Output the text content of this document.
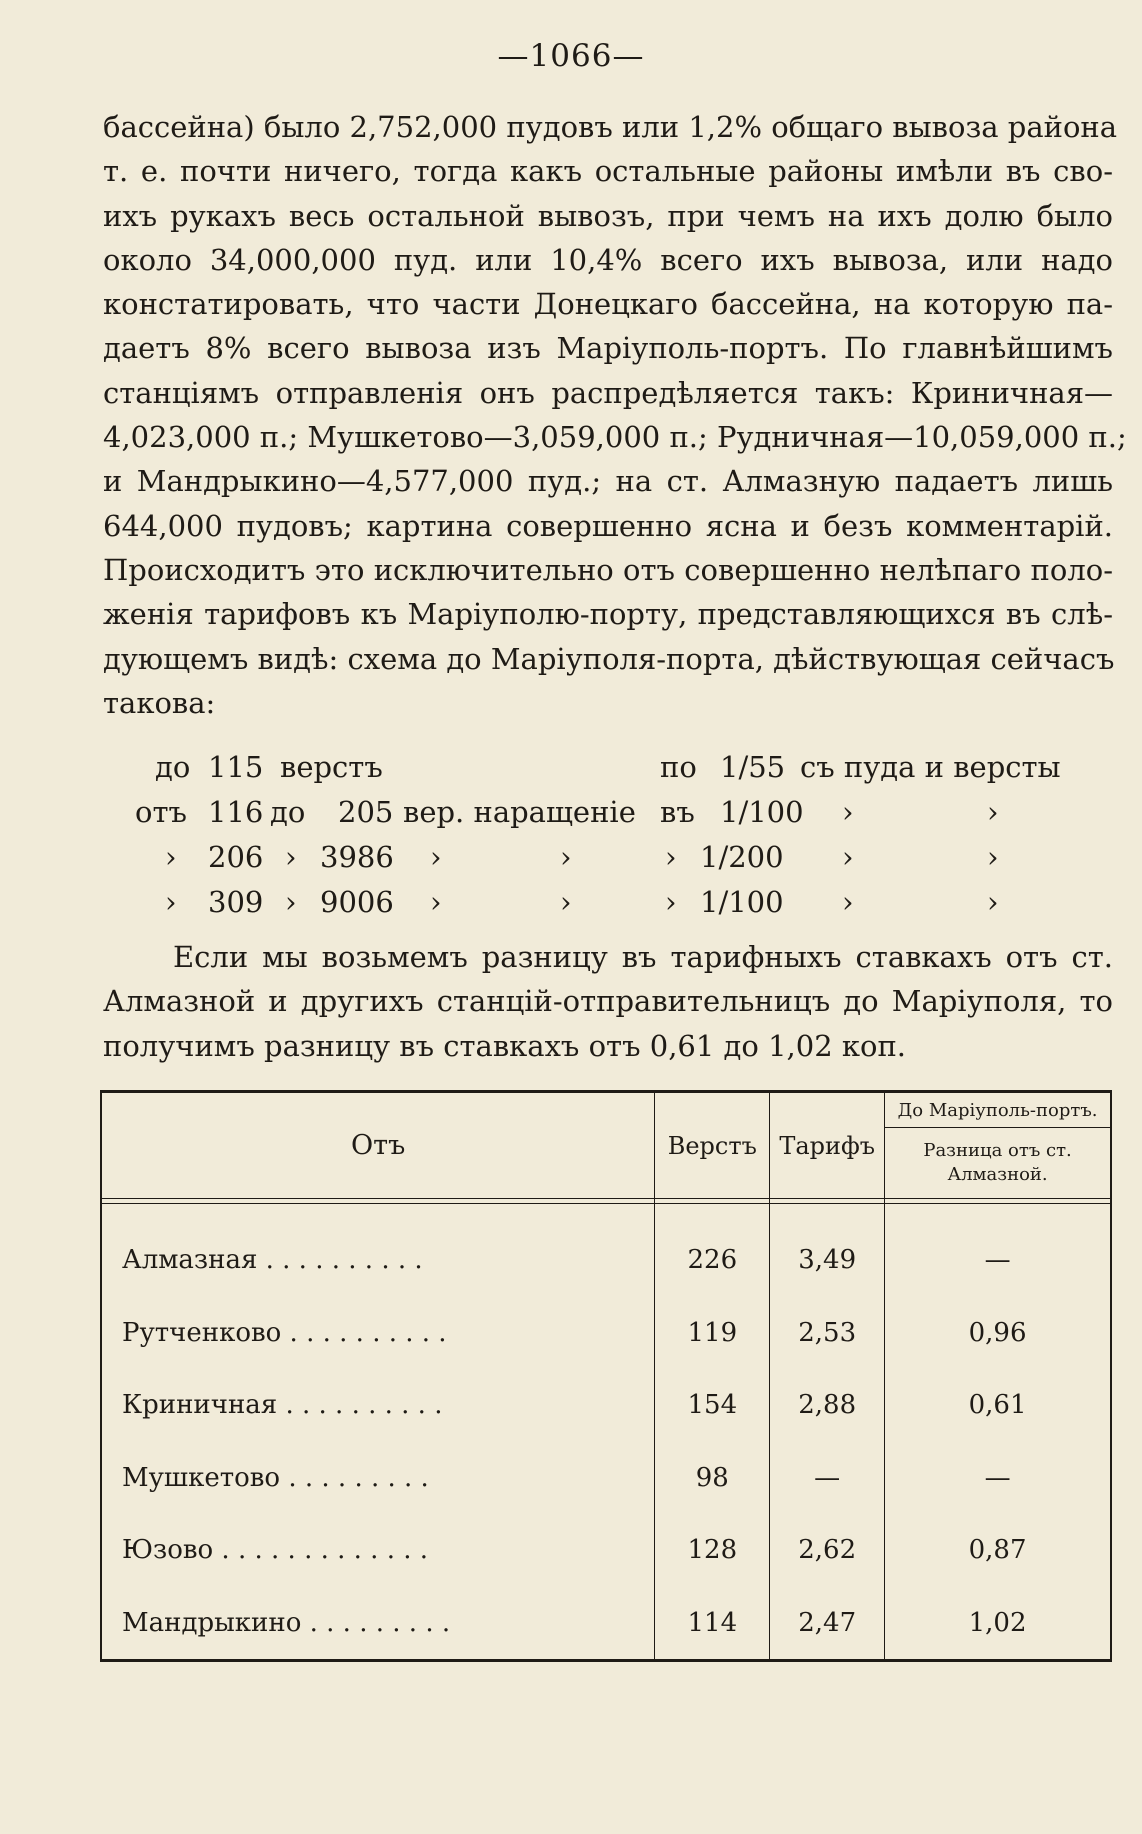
—1066—
бассейна) было 2,752,000 пудовъ или 1,2% общаго вывоза района
т. е. почти ничего, тогда какъ остальные районы имѣли въ сво-
ихъ рукахъ весь остальной вывозъ, при чемъ на ихъ долю было
около 34,000,000 пуд. или 10,4% всего ихъ вывоза, или надо
констатировать, что части Донецкаго бассейна, на которую па-
даетъ 8% всего вывоза изъ Маріуполь-портъ. По главнѣйшимъ
станціямъ отправленія онъ распредѣляется такъ: Криничная—
4,023,000 п.; Мушкетово—3,059,000 п.; Рудничная—10,059,000 п.;
и Мандрыкино—4,577,000 пуд.; на ст. Алмазную падаетъ лишь
644,000 пудовъ; картина совершенно ясна и безъ комментарій.
Происходитъ это исключительно отъ совершенно нелѣпаго поло-
женія тарифовъ къ Маріуполю-порту, представляющихся въ слѣ-
дующемъ видѣ: схема до Маріуполя-порта, дѣйствующая сейчасъ
такова:
до 115 верстъ	по 1/55 съ пуда и версты
отъ 116 до 205 вер. наращеніе въ 1/100 ›	›
› 206 › 3986 ›	›	› 1/200 ›	›
› 309 › 9006 ›	›	› 1/100 ›	›
Если мы возьмемъ разницу въ тарифныхъ ставкахъ отъ ст.
Алмазной и другихъ станцій-отправительницъ до Маріуполя, то
получимъ разницу въ ставкахъ отъ 0,61 до 1,02 коп.
Отъ	Верстъ	Тарифъ	До Маріуполь-портъ.
			Разница отъ ст. Алмазной.

Алмазная . . . . . . . . . .	226	3,49	—
Рутченково . . . . . . . . . .	119	2,53	0,96
Криничная . . . . . . . . . .	154	2,88	0,61
Мушкетово . . . . . . . . .	98	—	—
Юзово . . . . . . . . . . . . .	128	2,62	0,87
Мандрыкино . . . . . . . . .	114	2,47	1,02
